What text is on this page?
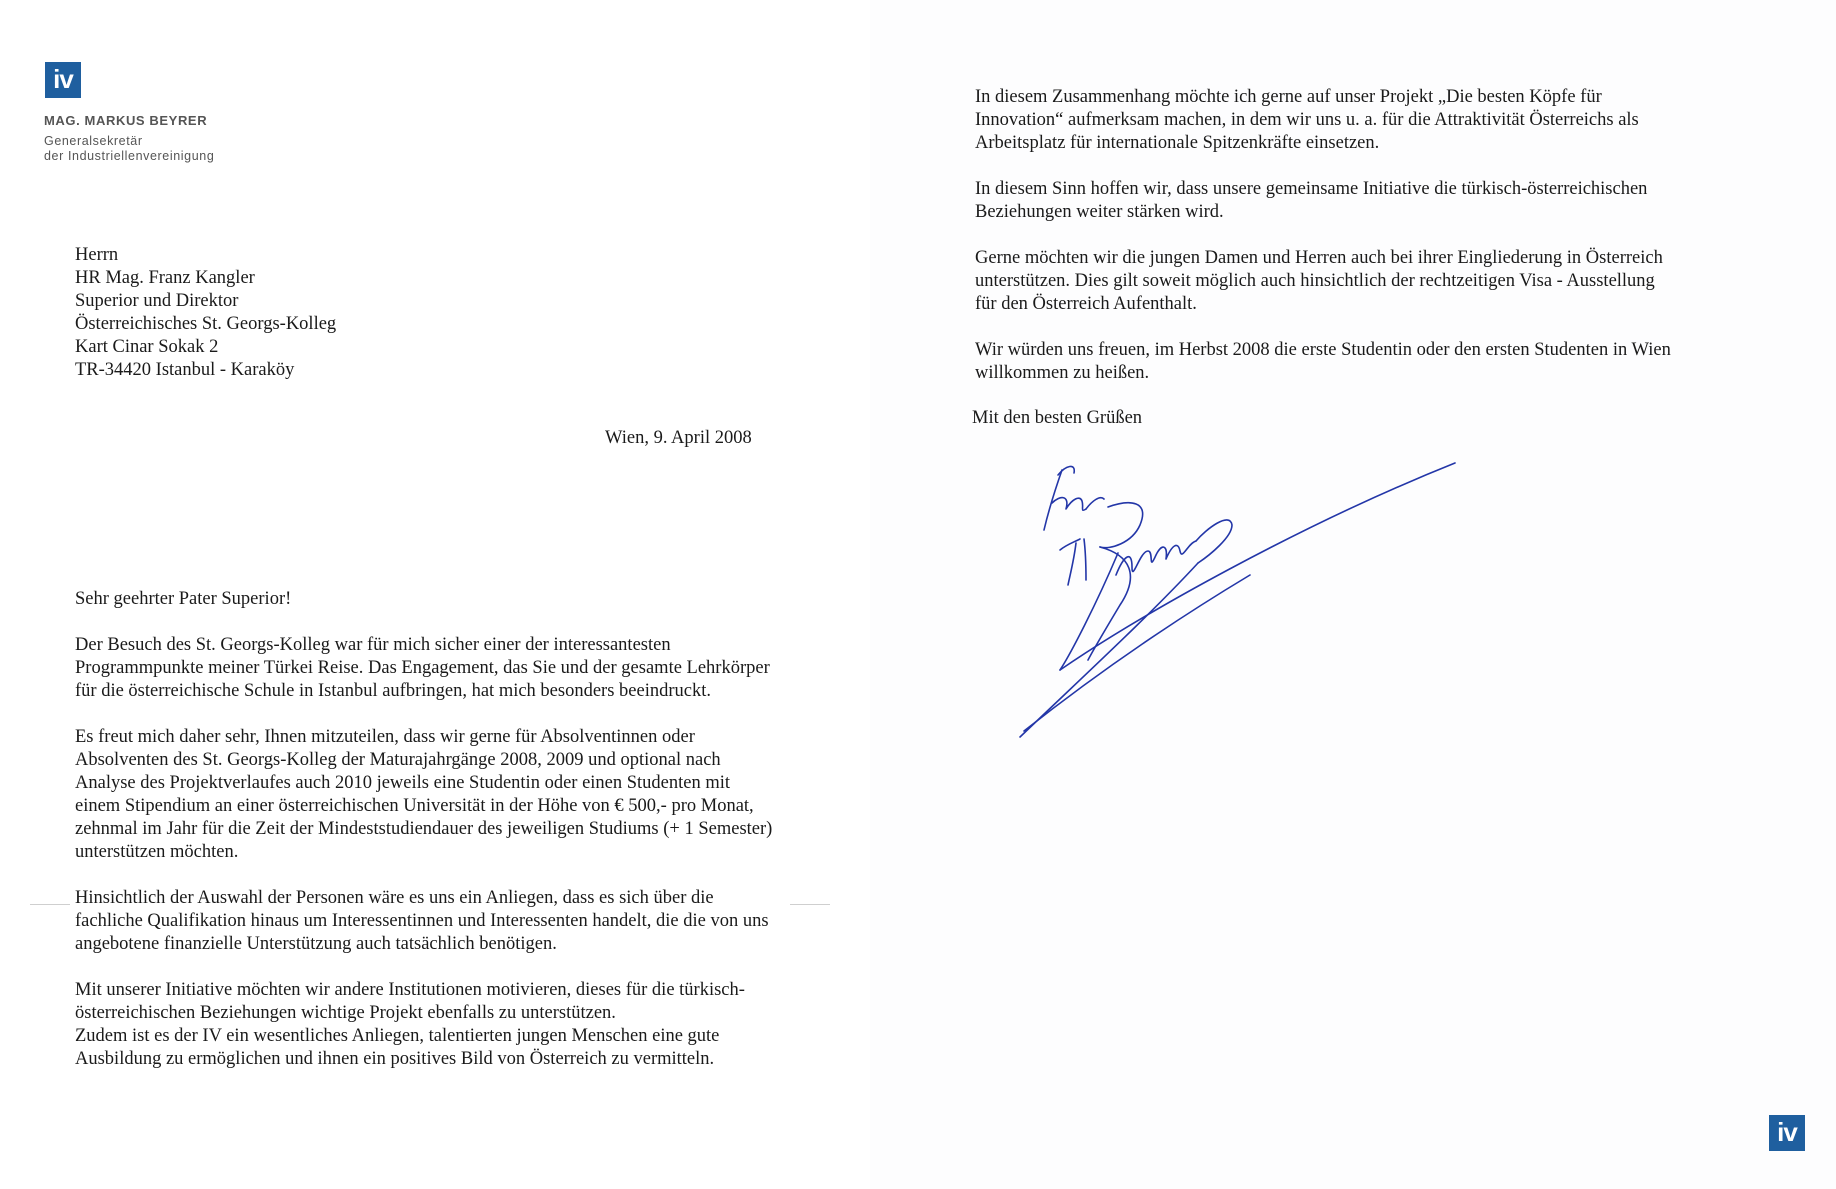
iv
MAG. MARKUS BEYRER
Generalsekretär
der Industriellenvereinigung
Herrn
HR Mag. Franz Kangler
Superior und Direktor
Österreichisches St. Georgs-Kolleg
Kart Cinar Sokak 2
TR-34420 Istanbul - Karaköy
Wien, 9. April 2008
Sehr geehrter Pater Superior!

Der Besuch des St. Georgs-Kolleg war für mich sicher einer der interessantesten
Programmpunkte meiner Türkei Reise. Das Engagement, das Sie und der gesamte Lehrkörper
für die österreichische Schule in Istanbul aufbringen, hat mich besonders beeindruckt.

Es freut mich daher sehr, Ihnen mitzuteilen, dass wir gerne für Absolventinnen oder
Absolventen des St. Georgs-Kolleg der Maturajahrgänge 2008, 2009 und optional nach
Analyse des Projektverlaufes auch 2010 jeweils eine Studentin oder einen Studenten mit
einem Stipendium an einer österreichischen Universität in der Höhe von € 500,- pro Monat,
zehnmal im Jahr für die Zeit der Mindeststudiendauer des jeweiligen Studiums (+ 1 Semester)
unterstützen möchten.

Hinsichtlich der Auswahl der Personen wäre es uns ein Anliegen, dass es sich über die
fachliche Qualifikation hinaus um Interessentinnen und Interessenten handelt, die die von uns
angebotene finanzielle Unterstützung auch tatsächlich benötigen.

Mit unserer Initiative möchten wir andere Institutionen motivieren, dieses für die türkisch-
österreichischen Beziehungen wichtige Projekt ebenfalls zu unterstützen.
Zudem ist es der IV ein wesentliches Anliegen, talentierten jungen Menschen eine gute
Ausbildung zu ermöglichen und ihnen ein positives Bild von Österreich zu vermitteln.

In diesem Zusammenhang möchte ich gerne auf unser Projekt „Die besten Köpfe für
Innovation“ aufmerksam machen, in dem wir uns u. a. für die Attraktivität Österreichs als
Arbeitsplatz für internationale Spitzenkräfte einsetzen.

In diesem Sinn hoffen wir, dass unsere gemeinsame Initiative die türkisch-österreichischen
Beziehungen weiter stärken wird.

Gerne möchten wir die jungen Damen und Herren auch bei ihrer Eingliederung in Österreich
unterstützen. Dies gilt soweit möglich auch hinsichtlich der rechtzeitigen Visa - Ausstellung
für den Österreich Aufenthalt.

Wir würden uns freuen, im Herbst 2008 die erste Studentin oder den ersten Studenten in Wien
willkommen zu heißen.

Mit den besten Grüßen
iv
